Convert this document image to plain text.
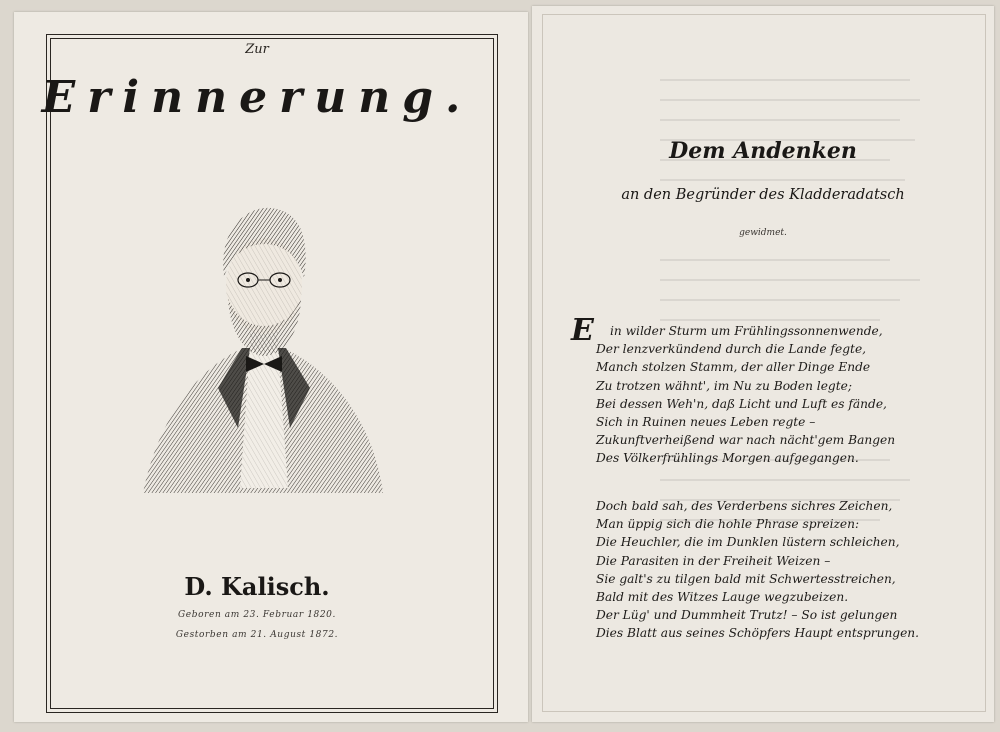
Zur
Erinnerung.
D. Kalisch.
Geboren am 23. Februar 1820.
Gestorben am 21. August 1872.
Dem Andenken
an den Begründer des Kladderadatsch
gewidmet.
E	in wilder Sturm um Frühlingssonnenwende,
Der lenzverkündend durch die Lande fegte,
Manch stolzen Stamm, der aller Dinge Ende
Zu trotzen wähnt', im Nu zu Boden legte;
Bei dessen Weh'n, daß Licht und Luft es fände,
Sich in Ruinen neues Leben regte –
Zukunftverheißend war nach nächt'gem Bangen
Des Völkerfrühlings Morgen aufgegangen.
Doch bald sah, des Verderbens sichres Zeichen,
Man üppig sich die hohle Phrase spreizen:
Die Heuchler, die im Dunklen lüstern schleichen,
Die Parasiten in der Freiheit Weizen –
Sie galt's zu tilgen bald mit Schwertesstreichen,
Bald mit des Witzes Lauge wegzubeizen.
Der Lüg' und Dummheit Trutz! – So ist gelungen
Dies Blatt aus seines Schöpfers Haupt entsprungen.
